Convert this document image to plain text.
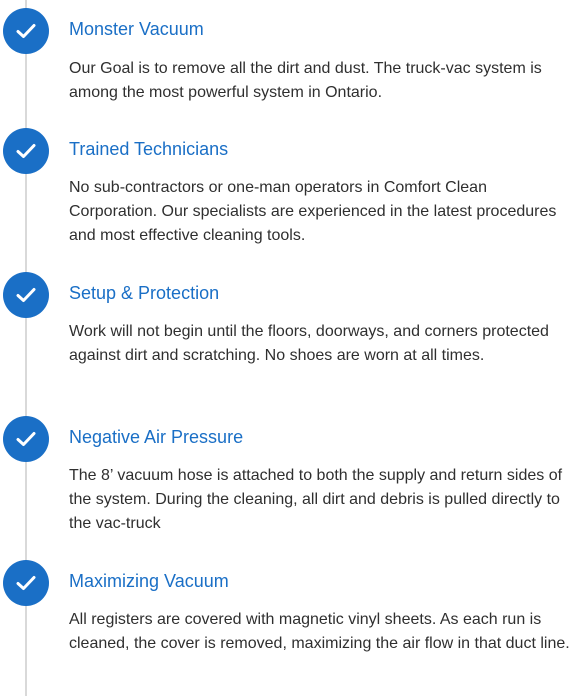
Monster Vacuum

Our Goal is to remove all the dirt and dust. The truck-vac system is among the most powerful system in Ontario.

Trained Technicians

No sub-contractors or one-man operators in Comfort Clean Corporation. Our specialists are experienced in the latest procedures and most effective cleaning tools.

Setup & Protection

Work will not begin until the floors, doorways, and corners protected against dirt and scratching. No shoes are worn at all times.

Negative Air Pressure

The 8’ vacuum hose is attached to both the supply and return sides of the system. During the cleaning, all dirt and debris is pulled directly to the vac-truck

Maximizing Vacuum

All registers are covered with magnetic vinyl sheets. As each run is cleaned, the cover is removed, maximizing the air flow in that duct line.
